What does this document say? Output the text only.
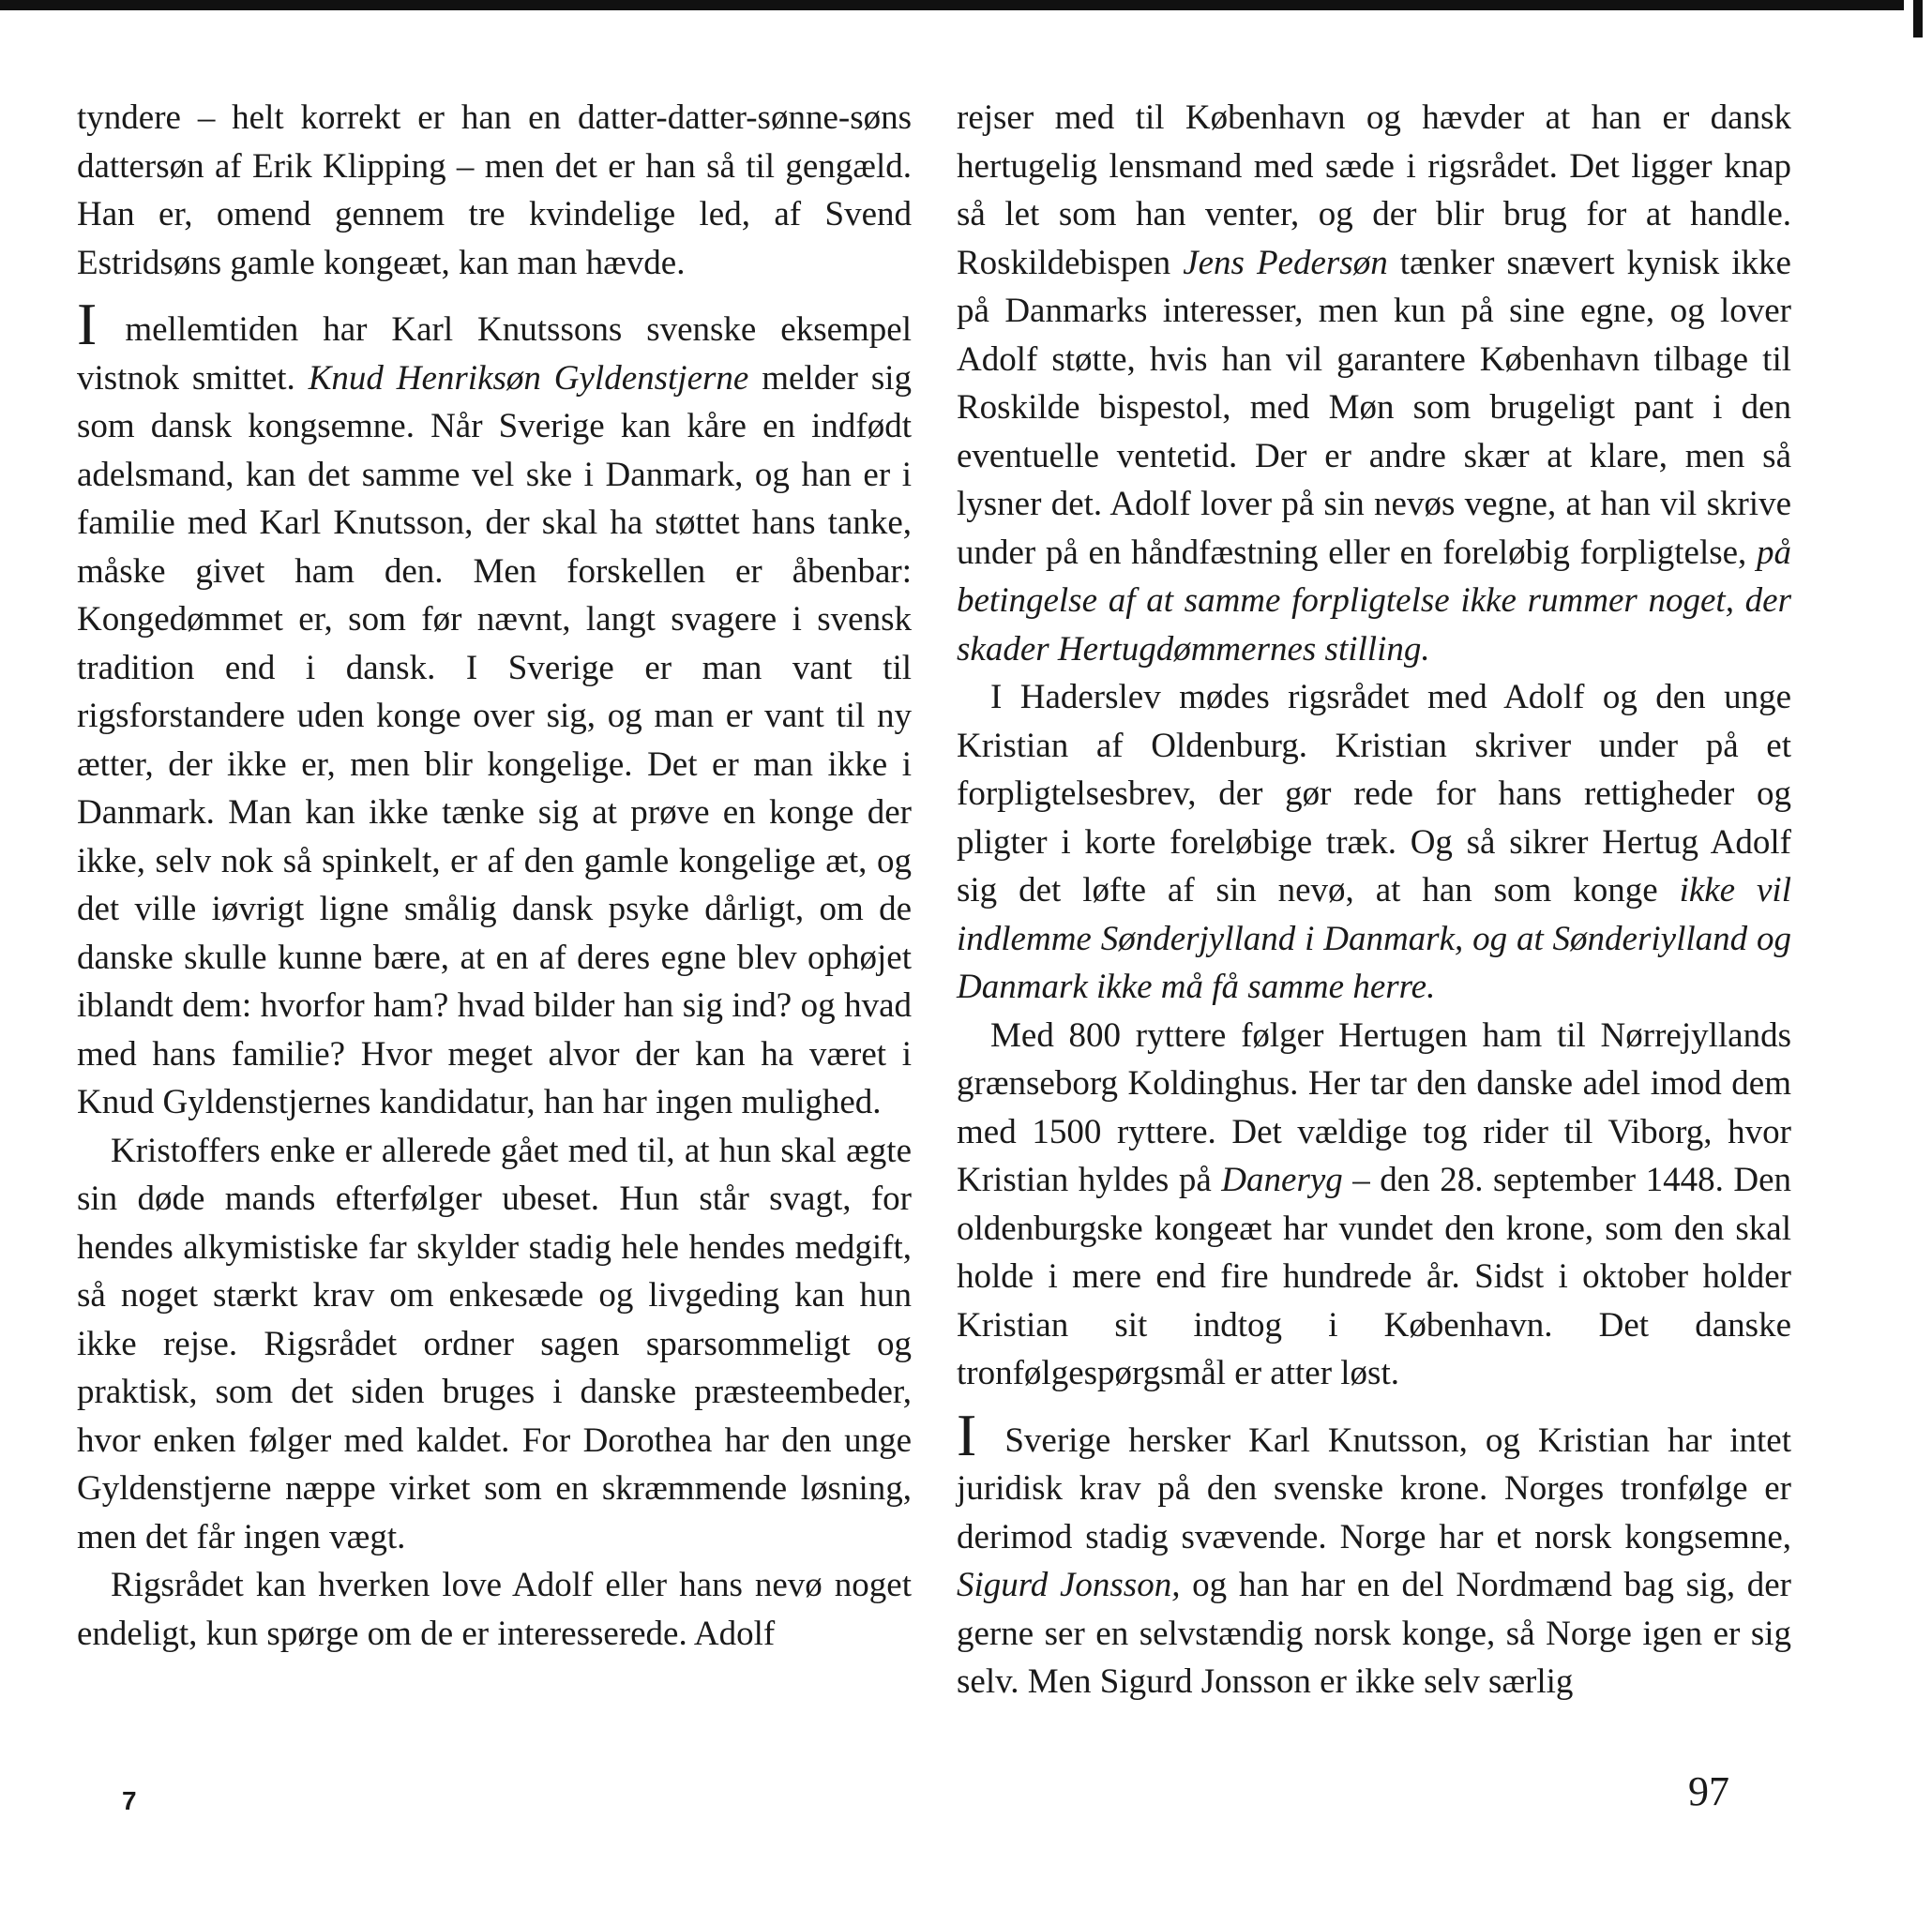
tyndere – helt korrekt er han en datter-datter-sønne-søns dattersøn af Erik Klipping – men det er han så til gengæld. Han er, omend gennem tre kvindelige led, af Svend Estridsøns gamle kongeæt, kan man hævde.

Imellemtiden har Karl Knutssons svenske eksempel vistnok smittet. Knud Henriksøn Gyldenstjerne melder sig som dansk kongsemne. Når Sverige kan kåre en indfødt adelsmand, kan det samme vel ske i Danmark, og han er i familie med Karl Knutsson, der skal ha støttet hans tanke, måske givet ham den. Men forskellen er åbenbar: Kongedømmet er, som før nævnt, langt svagere i svensk tradition end i dansk. I Sverige er man vant til rigsforstandere uden konge over sig, og man er vant til ny ætter, der ikke er, men blir kongelige. Det er man ikke i Danmark. Man kan ikke tænke sig at prøve en konge der ikke, selv nok så spinkelt, er af den gamle kongelige æt, og det ville iøvrigt ligne smålig dansk psyke dårligt, om de danske skulle kunne bære, at en af deres egne blev ophøjet iblandt dem: hvorfor ham? hvad bilder han sig ind? og hvad med hans familie? Hvor meget alvor der kan ha været i Knud Gyldenstjernes kandidatur, han har ingen mulighed.

Kristoffers enke er allerede gået med til, at hun skal ægte sin døde mands efterfølger ubeset. Hun står svagt, for hendes alkymistiske far skylder stadig hele hendes medgift, så noget stærkt krav om enkesæde og livgeding kan hun ikke rejse. Rigsrådet ordner sagen sparsommeligt og praktisk, som det siden bruges i danske præsteembeder, hvor enken følger med kaldet. For Dorothea har den unge Gyldenstjerne næppe virket som en skræmmende løsning, men det får ingen vægt.

Rigsrådet kan hverken love Adolf eller hans nevø noget endeligt, kun spørge om de er interesserede. Adolf

rejser med til København og hævder at han er dansk hertugelig lensmand med sæde i rigsrådet. Det ligger knap så let som han venter, og der blir brug for at handle. Roskildebispen Jens Pedersøn tænker snævert kynisk ikke på Danmarks interesser, men kun på sine egne, og lover Adolf støtte, hvis han vil garantere København tilbage til Roskilde bispestol, med Møn som brugeligt pant i den eventuelle ventetid. Der er andre skær at klare, men så lysner det. Adolf lover på sin nevøs vegne, at han vil skrive under på en håndfæstning eller en foreløbig forpligtelse, på betingelse af at samme forpligtelse ikke rummer noget, der skader Hertugdømmernes stilling.

I Haderslev mødes rigsrådet med Adolf og den unge Kristian af Oldenburg. Kristian skriver under på et forpligtelsesbrev, der gør rede for hans rettigheder og pligter i korte foreløbige træk. Og så sikrer Hertug Adolf sig det løfte af sin nevø, at han som konge ikke vil indlemme Sønderjylland i Danmark, og at Sønderiylland og Danmark ikke må få samme herre.

Med 800 ryttere følger Hertugen ham til Nørrejyllands grænseborg Koldinghus. Her tar den danske adel imod dem med 1500 ryttere. Det vældige tog rider til Viborg, hvor Kristian hyldes på Daneryg – den 28. september 1448. Den oldenburgske kongeæt har vundet den krone, som den skal holde i mere end fire hundrede år. Sidst i oktober holder Kristian sit indtog i København. Det danske tronfølgespørgsmål er atter løst.

I Sverige hersker Karl Knutsson, og Kristian har intet juridisk krav på den svenske krone. Norges tronfølge er derimod stadig svævende. Norge har et norsk kongsemne, Sigurd Jonsson, og han har en del Nordmænd bag sig, der gerne ser en selvstændig norsk konge, så Norge igen er sig selv. Men Sigurd Jonsson er ikke selv særlig

7	97
